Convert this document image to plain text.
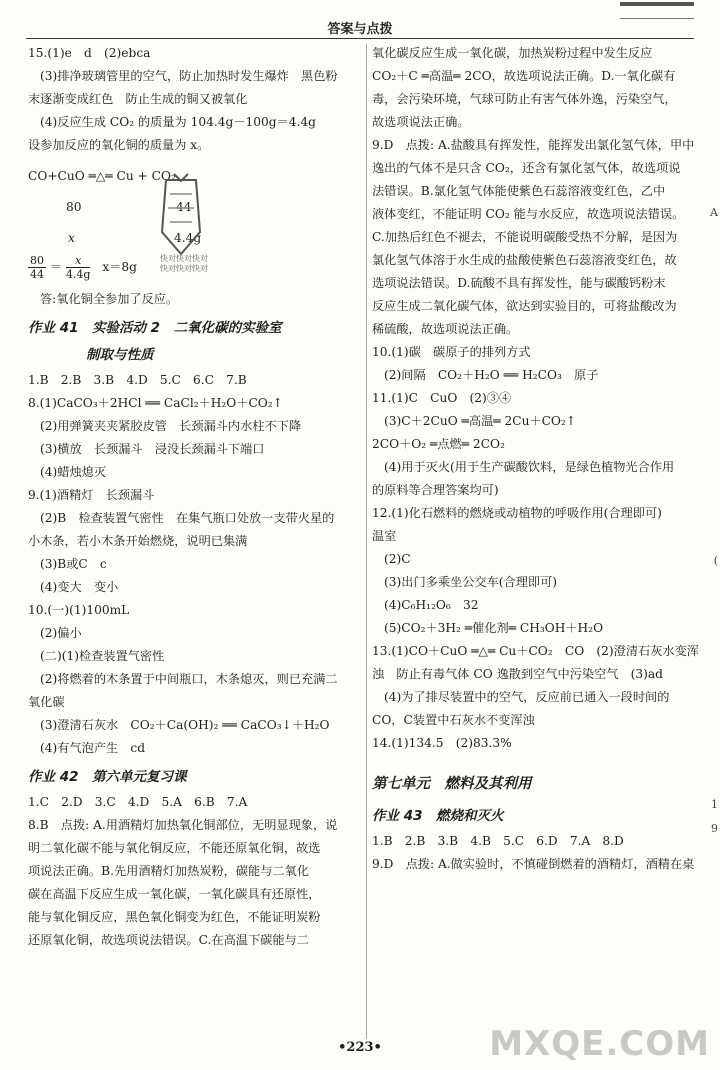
答案与点拨
15.(1)e　d　(2)ebca
(3)排净玻璃管里的空气，防止加热时发生爆炸　黑色粉
末逐渐变成红色　防止生成的铜又被氧化
(4)反应生成 CO₂ 的质量为 104.4g－100g＝4.4g
设参加反应的氧化铜的质量为 x。
CO+CuO ═△═ Cu + CO₂
80	44
x	4.4g
$\frac{80}{44} = \frac{x}{4.4g} x=8g$
答:氧化铜全参加了反应。
作业 41　实验活动 2　二氧化碳的实验室
制取与性质
1.B　2.B　3.B　4.D　5.C　6.C　7.B
8.(1)CaCO₃＋2HCl ══ CaCl₂＋H₂O＋CO₂↑
(2)用弹簧夹夹紧胶皮管　长颈漏斗内水柱不下降
(3)横放　长颈漏斗　浸没长颈漏斗下端口
(4)蜡烛熄灭
9.(1)酒精灯　长颈漏斗
(2)B　检查装置气密性　在集气瓶口处放一支带火星的
小木条，若小木条开始燃烧，说明已集满
(3)B或C　c
(4)变大　变小
10.(一)(1)100mL
(2)偏小
(二)(1)检查装置气密性
(2)将燃着的木条置于中间瓶口，木条熄灭，则已充满二
氧化碳
(3)澄清石灰水　CO₂＋Ca(OH)₂ ══ CaCO₃↓＋H₂O
(4)有气泡产生　cd
作业 42　第六单元复习课
1.C　2.D　3.C　4.D　5.A　6.B　7.A
8.B　点拨: A.用酒精灯加热氧化铜部位，无明显现象，说
明二氧化碳不能与氧化铜反应，不能还原氧化铜，故选
项说法正确。B.先用酒精灯加热炭粉，碳能与二氧化
碳在高温下反应生成一氧化碳，一氧化碳具有还原性，
能与氧化铜反应，黑色氧化铜变为红色，不能证明炭粉
还原氧化铜，故选项说法错误。C.在高温下碳能与二
氧化碳反应生成一氧化碳，加热炭粉过程中发生反应
CO₂＋C ═高温═ 2CO，故选项说法正确。D.一氧化碳有
毒，会污染环境，气球可防止有害气体外逸，污染空气，
故选项说法正确。
9.D　点拨: A.盐酸具有挥发性，能挥发出氯化氢气体，甲中
逸出的气体不是只含 CO₂，还含有氯化氢气体，故选项说
法错误。B.氯化氢气体能使紫色石蕊溶液变红色，乙中
液体变红，不能证明 CO₂ 能与水反应，故选项说法错误。
C.加热后红色不褪去，不能说明碳酸受热不分解，是因为
氯化氢气体溶于水生成的盐酸使紫色石蕊溶液变红色，故
选项说法错误。D.硫酸不具有挥发性，能与碳酸钙粉末
反应生成二氧化碳气体，欲达到实验目的，可将盐酸改为
稀硫酸，故选项说法正确。
10.(1)碳　碳原子的排列方式
(2)间隔　CO₂＋H₂O ══ H₂CO₃　原子
11.(1)C　CuO　(2)③④
(3)C＋2CuO ═高温═ 2Cu＋CO₂↑
2CO＋O₂ ═点燃═ 2CO₂
(4)用于灭火(用于生产碳酸饮料，是绿色植物光合作用
的原料等合理答案均可)
12.(1)化石燃料的燃烧或动植物的呼吸作用(合理即可)
温室
(2)C
(3)出门多乘坐公交车(合理即可)
(4)C₆H₁₂O₆　32
(5)CO₂＋3H₂ ═催化剂═ CH₃OH＋H₂O
13.(1)CO＋CuO ═△═ Cu＋CO₂　CO　(2)澄清石灰水变浑
浊　防止有毒气体 CO 逸散到空气中污染空气　(3)ad
(4)为了排尽装置中的空气，反应前已通入一段时间的
CO，C装置中石灰水不变浑浊
14.(1)134.5　(2)83.3%
第七单元　燃料及其利用
作业 43　燃烧和灭火
1.B　2.B　3.B　4.B　5.C　6.D　7.A　8.D
9.D　点拨: A.做实验时，不慎碰倒燃着的酒精灯，酒精在桌
快对快对快对
快对快对快对
A
(
1
9
•223•	MXQE.COM
